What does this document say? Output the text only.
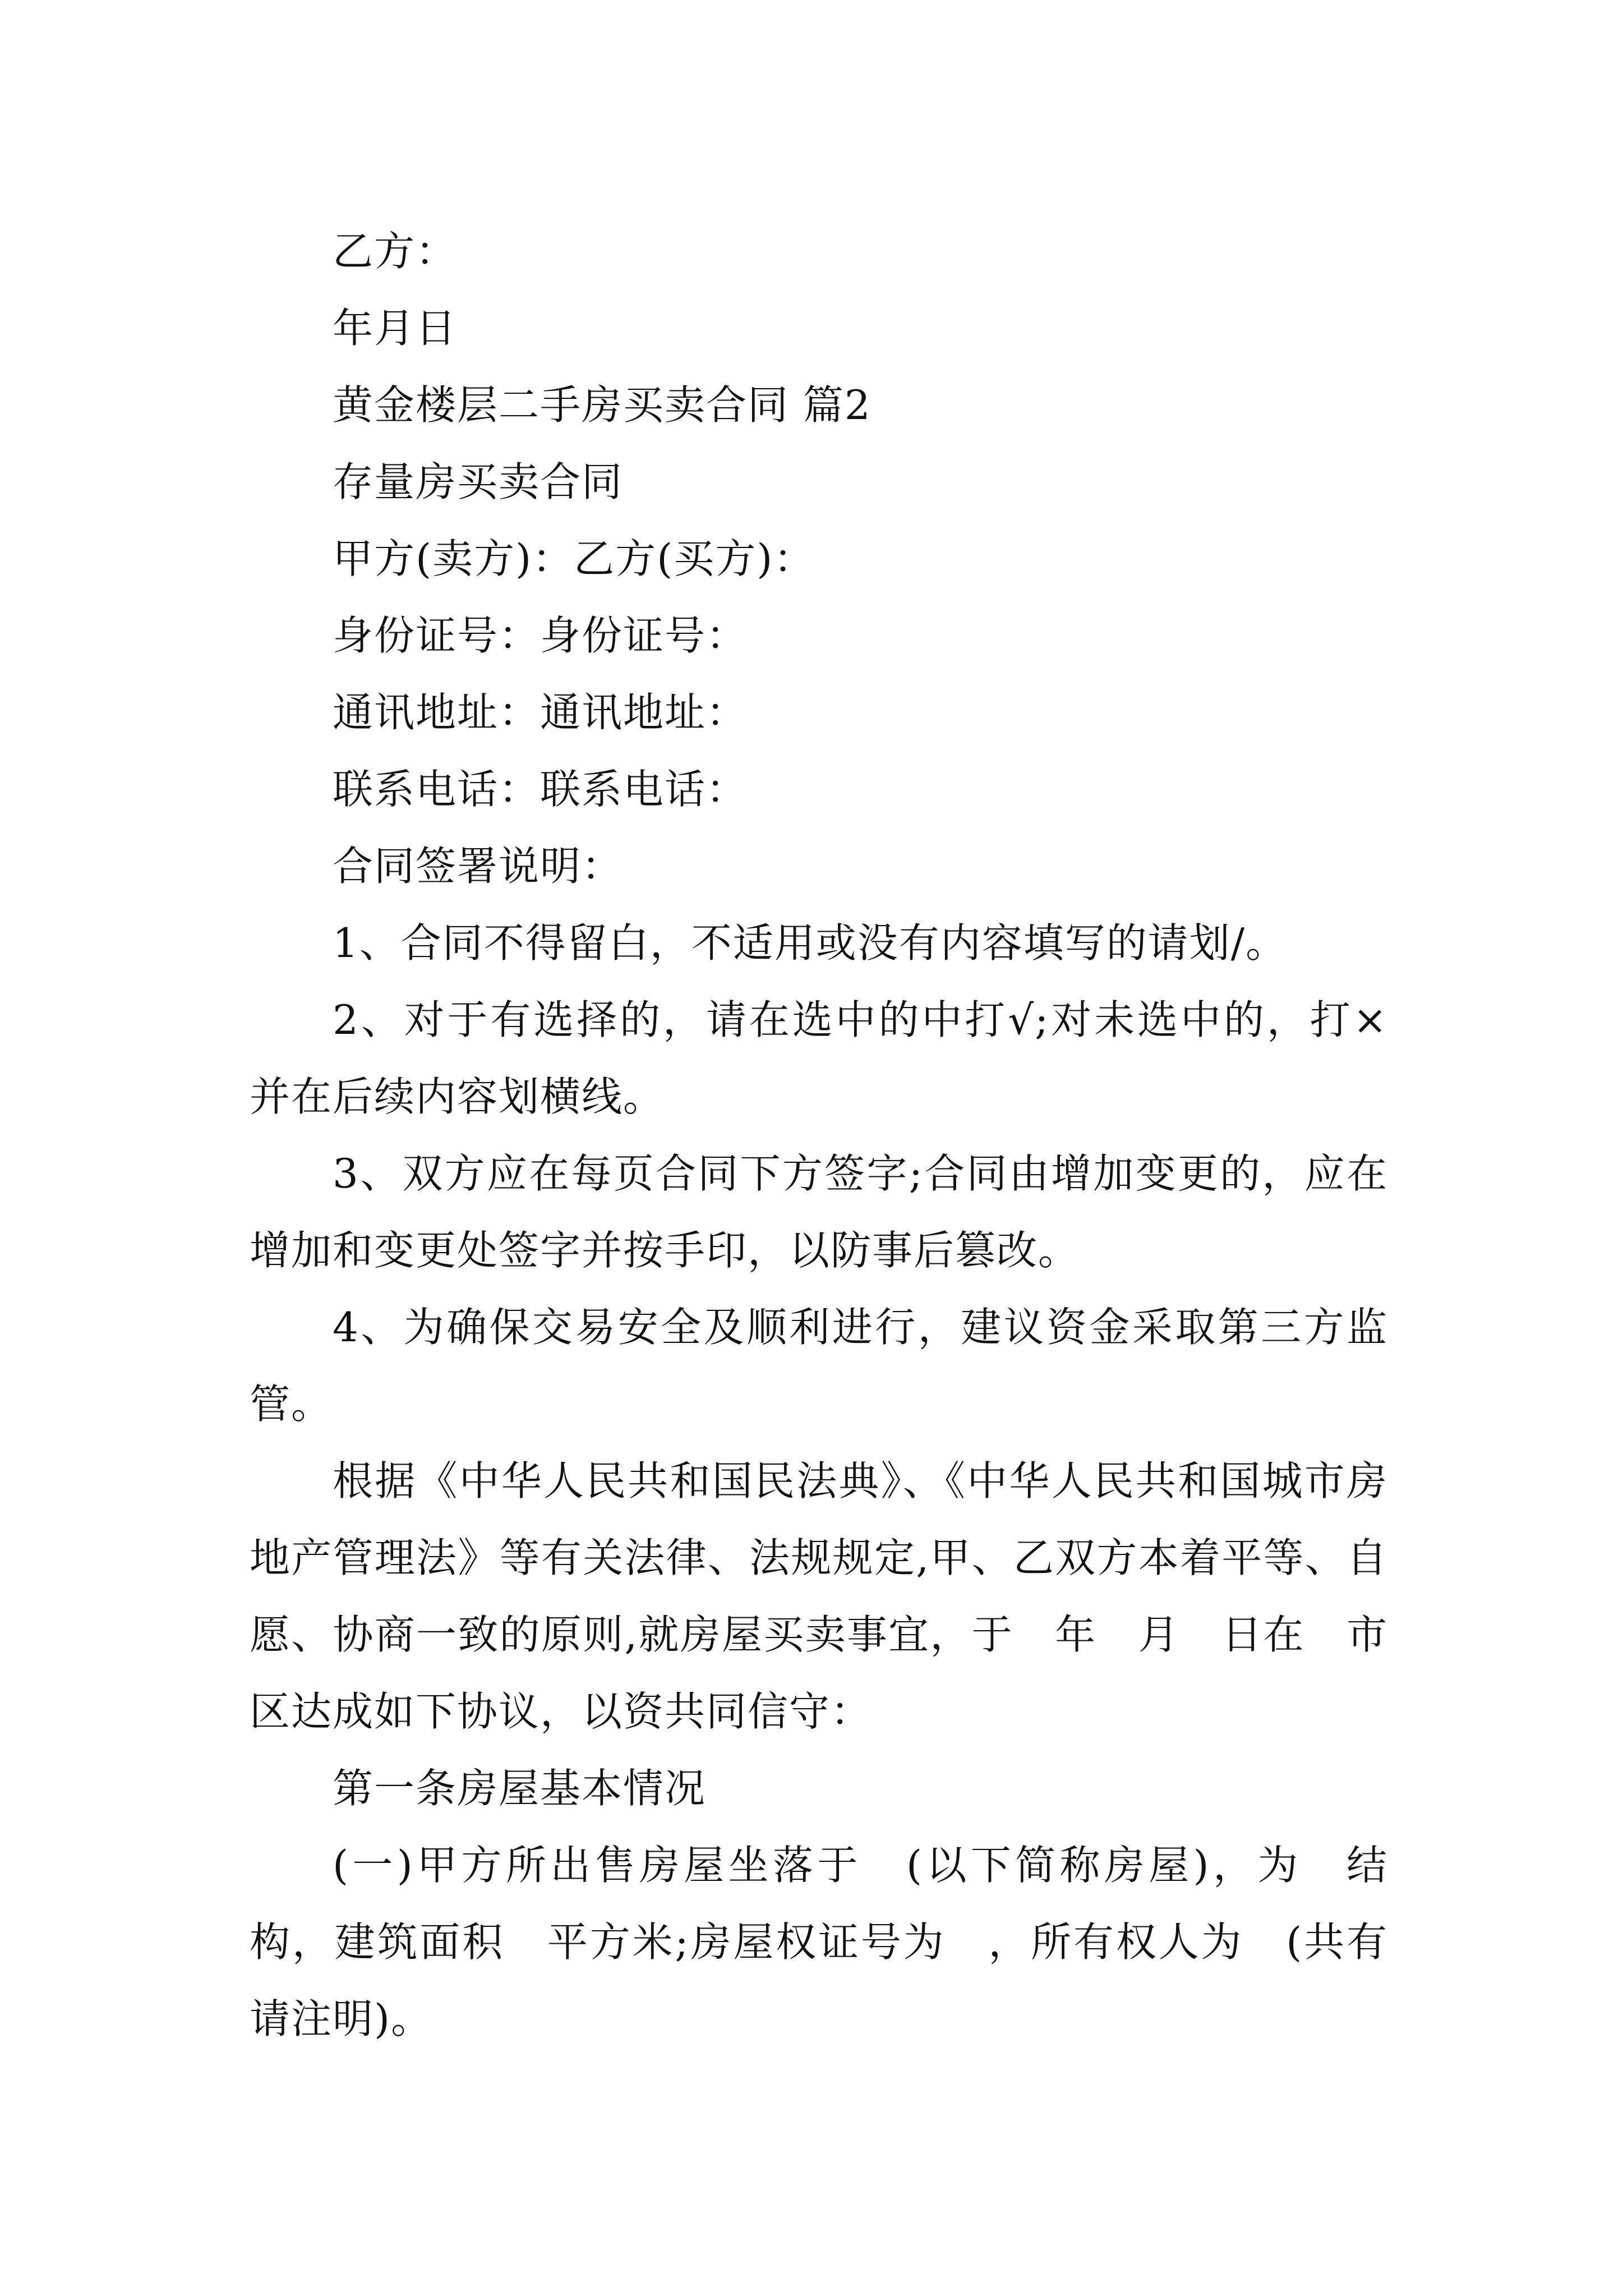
乙方：

年月日

黄金楼层二手房买卖合同 篇2

存量房买卖合同

甲方(卖方)：乙方(买方)：

身份证号：身份证号：

通讯地址：通讯地址：

联系电话：联系电话：

合同签署说明：

1、合同不得留白，不适用或没有内容填写的请划/。

2、对于有选择的，请在选中的中打√;对未选中的，打×并在后续内容划横线。

3、双方应在每页合同下方签字;合同由增加变更的，应在增加和变更处签字并按手印，以防事后篡改。

4、为确保交易安全及顺利进行，建议资金采取第三方监管。

根据《中华人民共和国民法典》、《中华人民共和国城市房地产管理法》等有关法律、法规规定,甲、乙双方本着平等、自愿、协商一致的原则,就房屋买卖事宜，于　年　月　日在　市　区达成如下协议，以资共同信守：

第一条房屋基本情况

(一)甲方所出售房屋坐落于　(以下简称房屋)，为　结构，建筑面积　平方米;房屋权证号为　，所有权人为　(共有请注明)。
